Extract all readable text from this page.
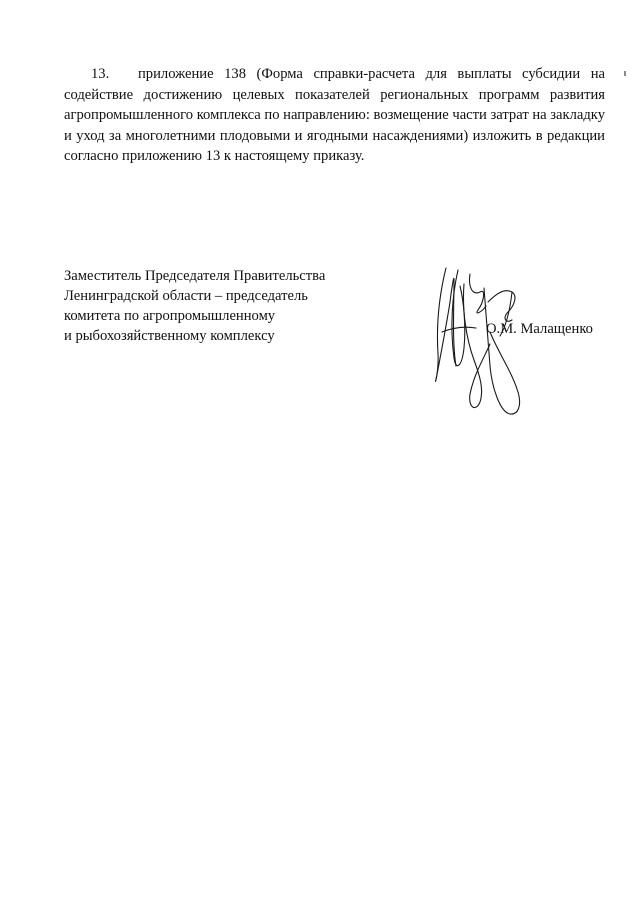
13. приложение 138 (Форма справки-расчета для выплаты субсидии на содействие достижению целевых показателей региональных программ развития агропромышленного комплекса по направлению: возмещение части затрат на закладку и уход за многолетними плодовыми и ягодными насаждениями) изложить в редакции согласно приложению 13 к настоящему приказу.

Заместитель Председателя Правительства
Ленинградской области – председатель
комитета по агропромышленному
и рыбохозяйственному комплексу	О.М. Малащенко
